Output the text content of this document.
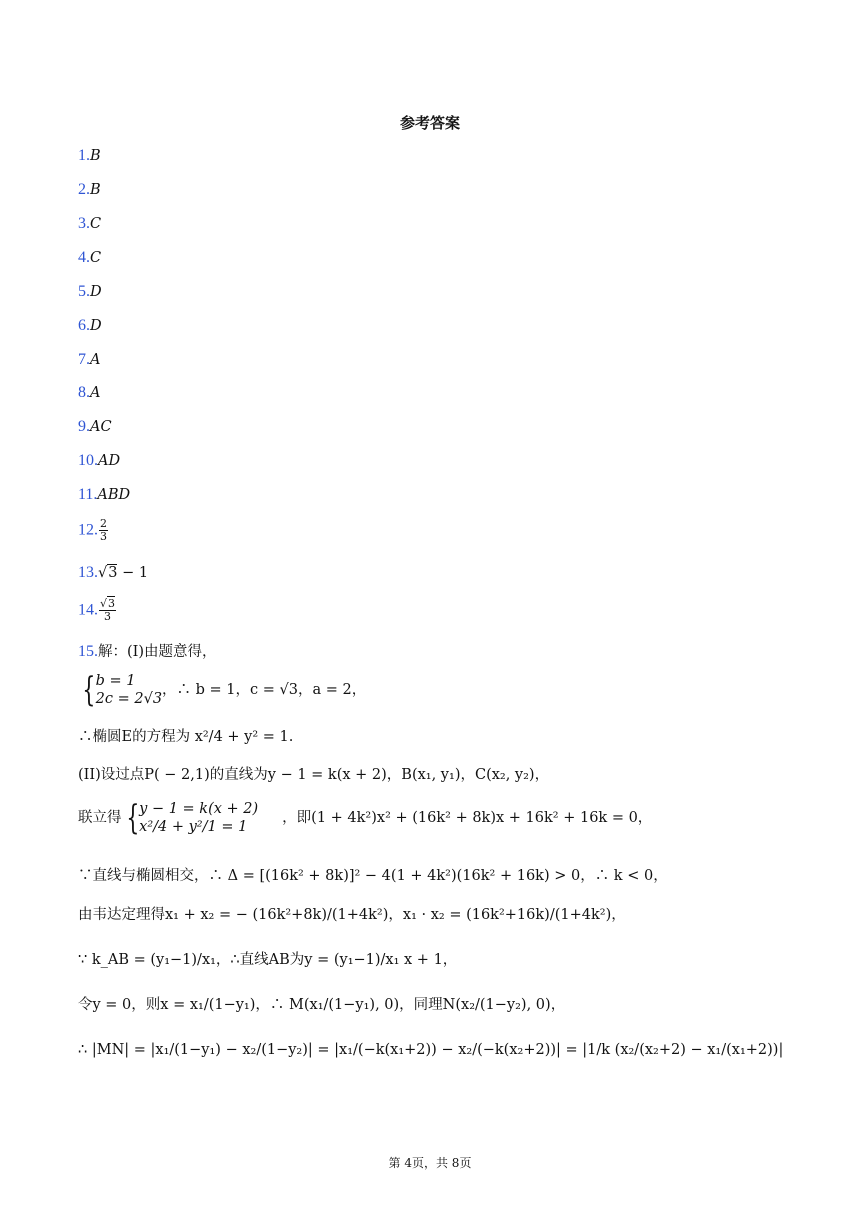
参考答案
1.B
2.B
3.C
4.C
5.D
6.D
7.A
8.A
9.AC
10.AD
11.ABD
12. $\frac{2}{3}$
13.√3 − 1
14. $\frac{√3}{3}$
15.解：(I)由题意得，
{ b = 1
2c = 2√3
，∴ b = 1，c = √3，a = 2，
∴椭圆E的方程为 x²/4 + y² = 1.
(II)设过点P( − 2,1)的直线为y − 1 = k(x + 2)，B(x₁, y₁)，C(x₂, y₂)，
联立得 { y − 1 = k(x + 2)
x²/4 + y²/1 = 1
，即(1 + 4k²)x² + (16k² + 8k)x + 16k² + 16k = 0，
∵直线与椭圆相交，∴ Δ = [(16k² + 8k)]² − 4(1 + 4k²)(16k² + 16k) > 0，∴ k < 0，
由韦达定理得x₁ + x₂ = − (16k²+8k)/(1+4k²)，x₁ · x₂ = (16k²+16k)/(1+4k²)，
∵ k_AB = (y₁−1)/x₁，∴直线AB为y = (y₁−1)/x₁ x + 1，
令y = 0，则x = x₁/(1−y₁)，∴ M(x₁/(1−y₁), 0)，同理N(x₂/(1−y₂), 0)，
∴ |MN| = |x₁/(1−y₁) − x₂/(1−y₂)| = |x₁/(−k(x₁+2)) − x₂/(−k(x₂+2))| = |1/k (x₂/(x₂+2) − x₁/(x₁+2))|
第 4页，共 8页
